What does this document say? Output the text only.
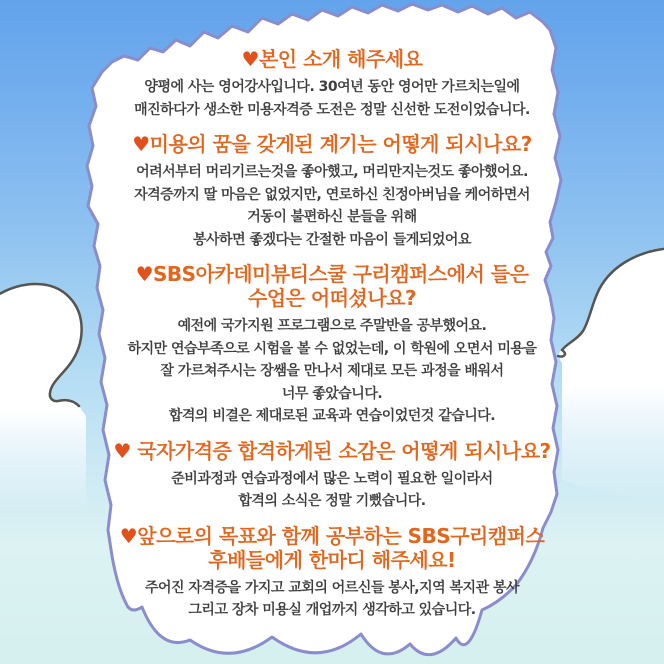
♥본인 소개 해주세요

양평에 사는 영어강사입니다. 30여년 동안 영어만 가르치는일에
매진하다가 생소한 미용자격증 도전은 정말 신선한 도전이었습니다.

♥미용의 꿈을 갖게된 계기는 어떻게 되시나요?

어려서부터 머리기르는것을 좋아했고, 머리만지는것도 좋아했어요.
자격증까지 딸 마음은 없었지만, 연로하신 친정아버님을 케어하면서
거동이 불편하신 분들을 위해
봉사하면 좋겠다는 간절한 마음이 들게되었어요

♥SBS아카데미뷰티스쿨 구리캠퍼스에서 들은
수업은 어떠셨나요?

예전에 국가지원 프로그램으로 주말반을 공부했어요.
하지만 연습부족으로 시험을 볼 수 없었는데, 이 학원에 오면서 미용을
잘 가르쳐주시는 장쌤을 만나서 제대로 모든 과정을 배워서
너무 좋았습니다.
합격의 비결은 제대로된 교육과 연습이었던것 같습니다.

♥ 국자가격증 합격하게된 소감은 어떻게 되시나요?

준비과정과 연습과정에서 많은 노력이 필요한 일이라서
합격의 소식은 정말 기뻤습니다.

♥앞으로의 목표와 함께 공부하는 SBS구리캠퍼스
후배들에게 한마디 해주세요!

주어진 자격증을 가지고 교회의 어르신들 봉사,지역 복지관 봉사
그리고 장차 미용실 개업까지 생각하고 있습니다.
